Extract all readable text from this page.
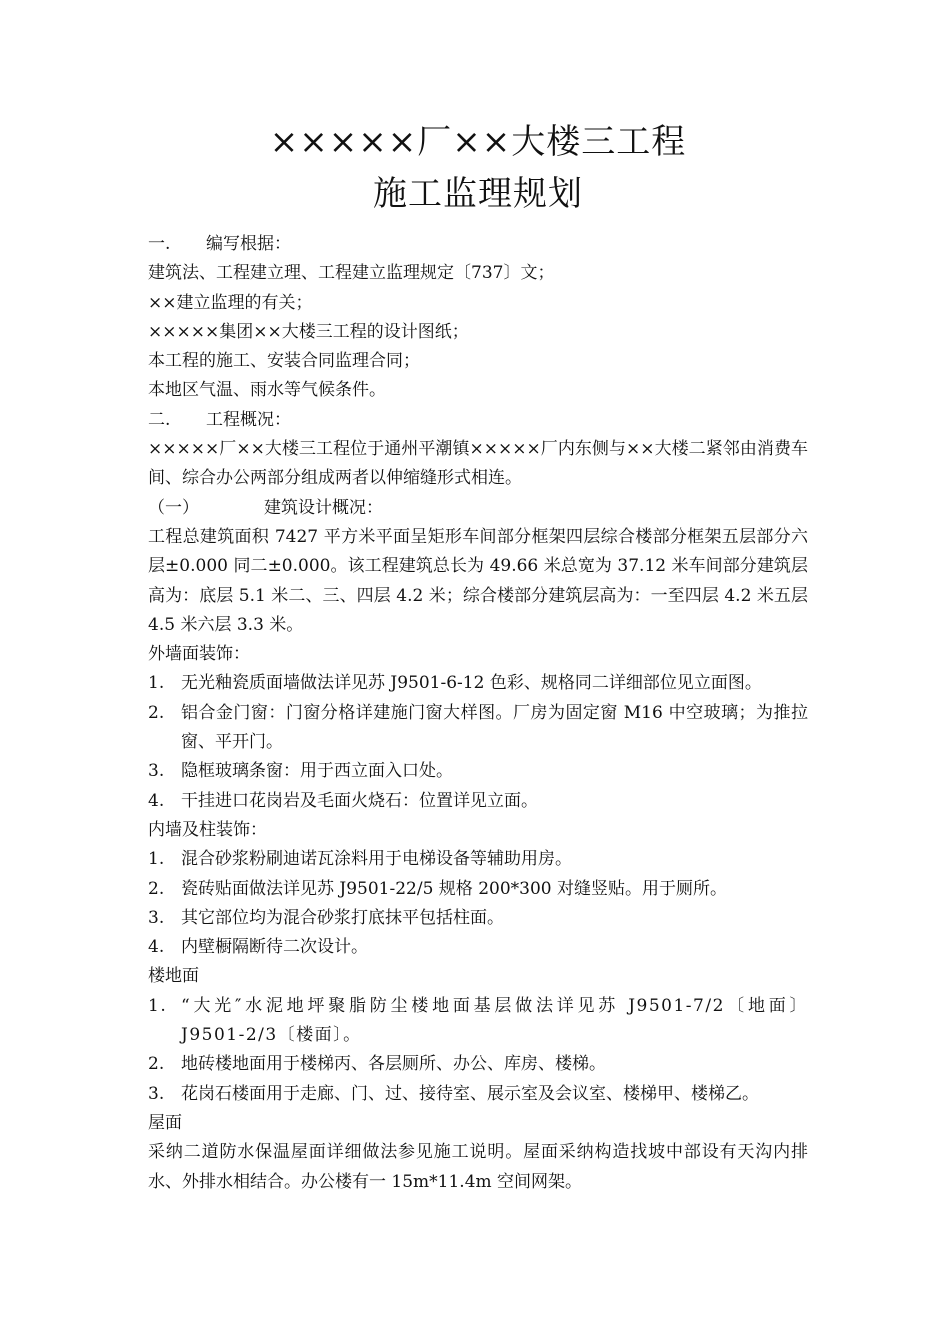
×××××厂××大楼三工程
施工监理规划

一. 编写根据：

建筑法、工程建立理、工程建立监理规定〔737〕文；

××建立监理的有关；

×××××集团××大楼三工程的设计图纸；

本工程的施工、安装合同监理合同；

本地区气温、雨水等气候条件。

二. 工程概况：

×××××厂××大楼三工程位于通州平潮镇×××××厂内东侧与××大楼二紧邻由消费车间、综合办公两部分组成两者以伸缩缝形式相连。

（一）	建筑设计概况：

工程总建筑面积 7427 平方米平面呈矩形车间部分框架四层综合楼部分框架五层部分六层±0.000 同二±0.000。该工程建筑总长为 49.66 米总宽为 37.12 米车间部分建筑层高为：底层 5.1 米二、三、四层 4.2 米；综合楼部分建筑层高为：一至四层 4.2 米五层 4.5 米六层 3.3 米。

外墙面装饰：

1. 无光釉瓷质面墙做法详见苏 J9501-6-12 色彩、规格同二详细部位见立面图。

2. 铝合金门窗：门窗分格详建施门窗大样图。厂房为固定窗 M16 中空玻璃；为推拉窗、平开门。

3. 隐框玻璃条窗：用于西立面入口处。

4. 干挂进口花岗岩及毛面火烧石：位置详见立面。

内墙及柱装饰：

1. 混合砂浆粉刷迪诺瓦涂料用于电梯设备等辅助用房。

2. 瓷砖贴面做法详见苏 J9501-22/5 规格 200*300 对缝竖贴。用于厕所。

3. 其它部位均为混合砂浆打底抹平包括柱面。

4. 内壁橱隔断待二次设计。

楼地面

1. “大光″水泥地坪聚脂防尘楼地面基层做法详见苏 J9501-7/2〔地面〕J9501-2/3〔楼面〕。

2. 地砖楼地面用于楼梯丙、各层厕所、办公、库房、楼梯。

3. 花岗石楼面用于走廊、门、过、接待室、展示室及会议室、楼梯甲、楼梯乙。

屋面

采纳二道防水保温屋面详细做法参见施工说明。屋面采纳构造找坡中部设有天沟内排水、外排水相结合。办公楼有一 15m*11.4m 空间网架。
